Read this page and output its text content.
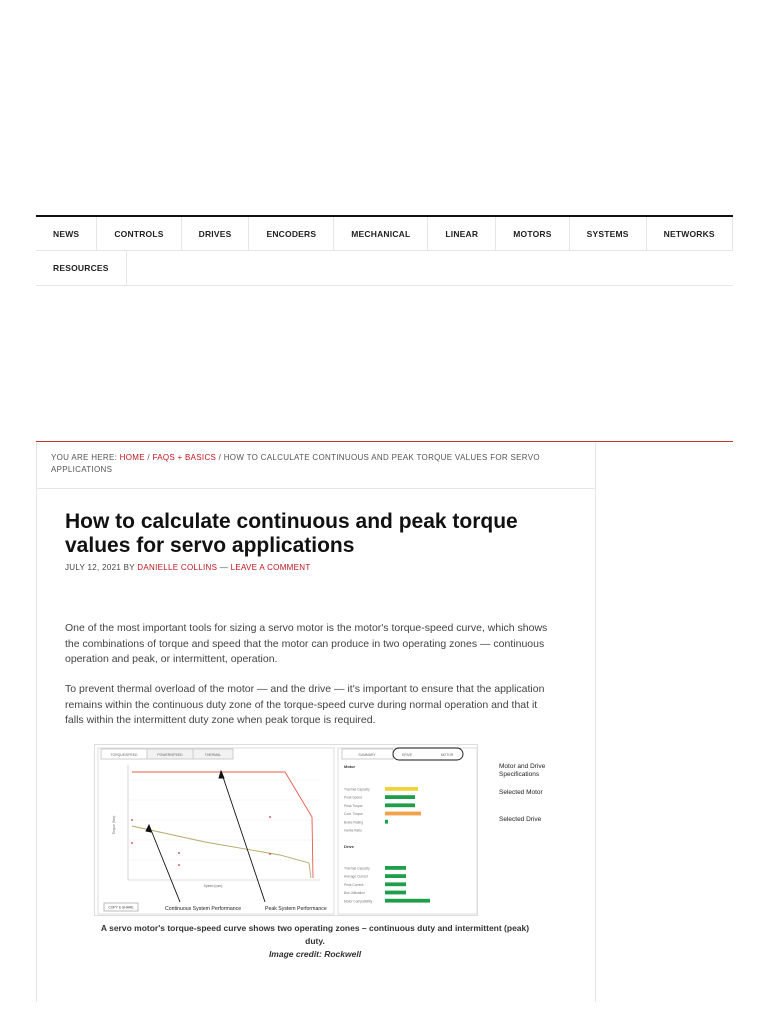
NEWS	CONTROLS	DRIVES	ENCODERS	MECHANICAL	LINEAR	MOTORS	SYSTEMS	NETWORKS
RESOURCES
YOU ARE HERE: HOME / FAQS + BASICS / HOW TO CALCULATE CONTINUOUS AND PEAK TORQUE VALUES FOR SERVO APPLICATIONS
How to calculate continuous and peak torque values for servo applications
JULY 12, 2021 BY DANIELLE COLLINS — LEAVE A COMMENT

One of the most important tools for sizing a servo motor is the motor's torque-speed curve, which shows the combinations of torque and speed that the motor can produce in two operating zones — continuous operation and peak, or intermittent, operation.

To prevent thermal overload of the motor — and the drive — it's important to ensure that the application remains within the continuous duty zone of the torque-speed curve during normal operation and that it falls within the intermittent duty zone when peak torque is required.

TORQUE/SPEED	POWER/SPEED	THERMAL
Torque (Nm)
Speed (rpm)
COPY & SHARE	Continuous System Performance	Peak System Performance
SUMMARY	DRIVE	MOTOR
Motor
Drive
Thermal Capacity
Peak Speed
Peak Torque
Cont. Torque
Brake Rating
Inertia Ratio
Thermal Capacity
Average Current
Peak Current
Bus Utilization
Motor Compatibility
Motor and Drive Specifications
Selected Motor
Selected Drive
A servo motor's torque-speed curve shows two operating zones – continuous duty and intermittent (peak) duty.
Image credit: Rockwell
